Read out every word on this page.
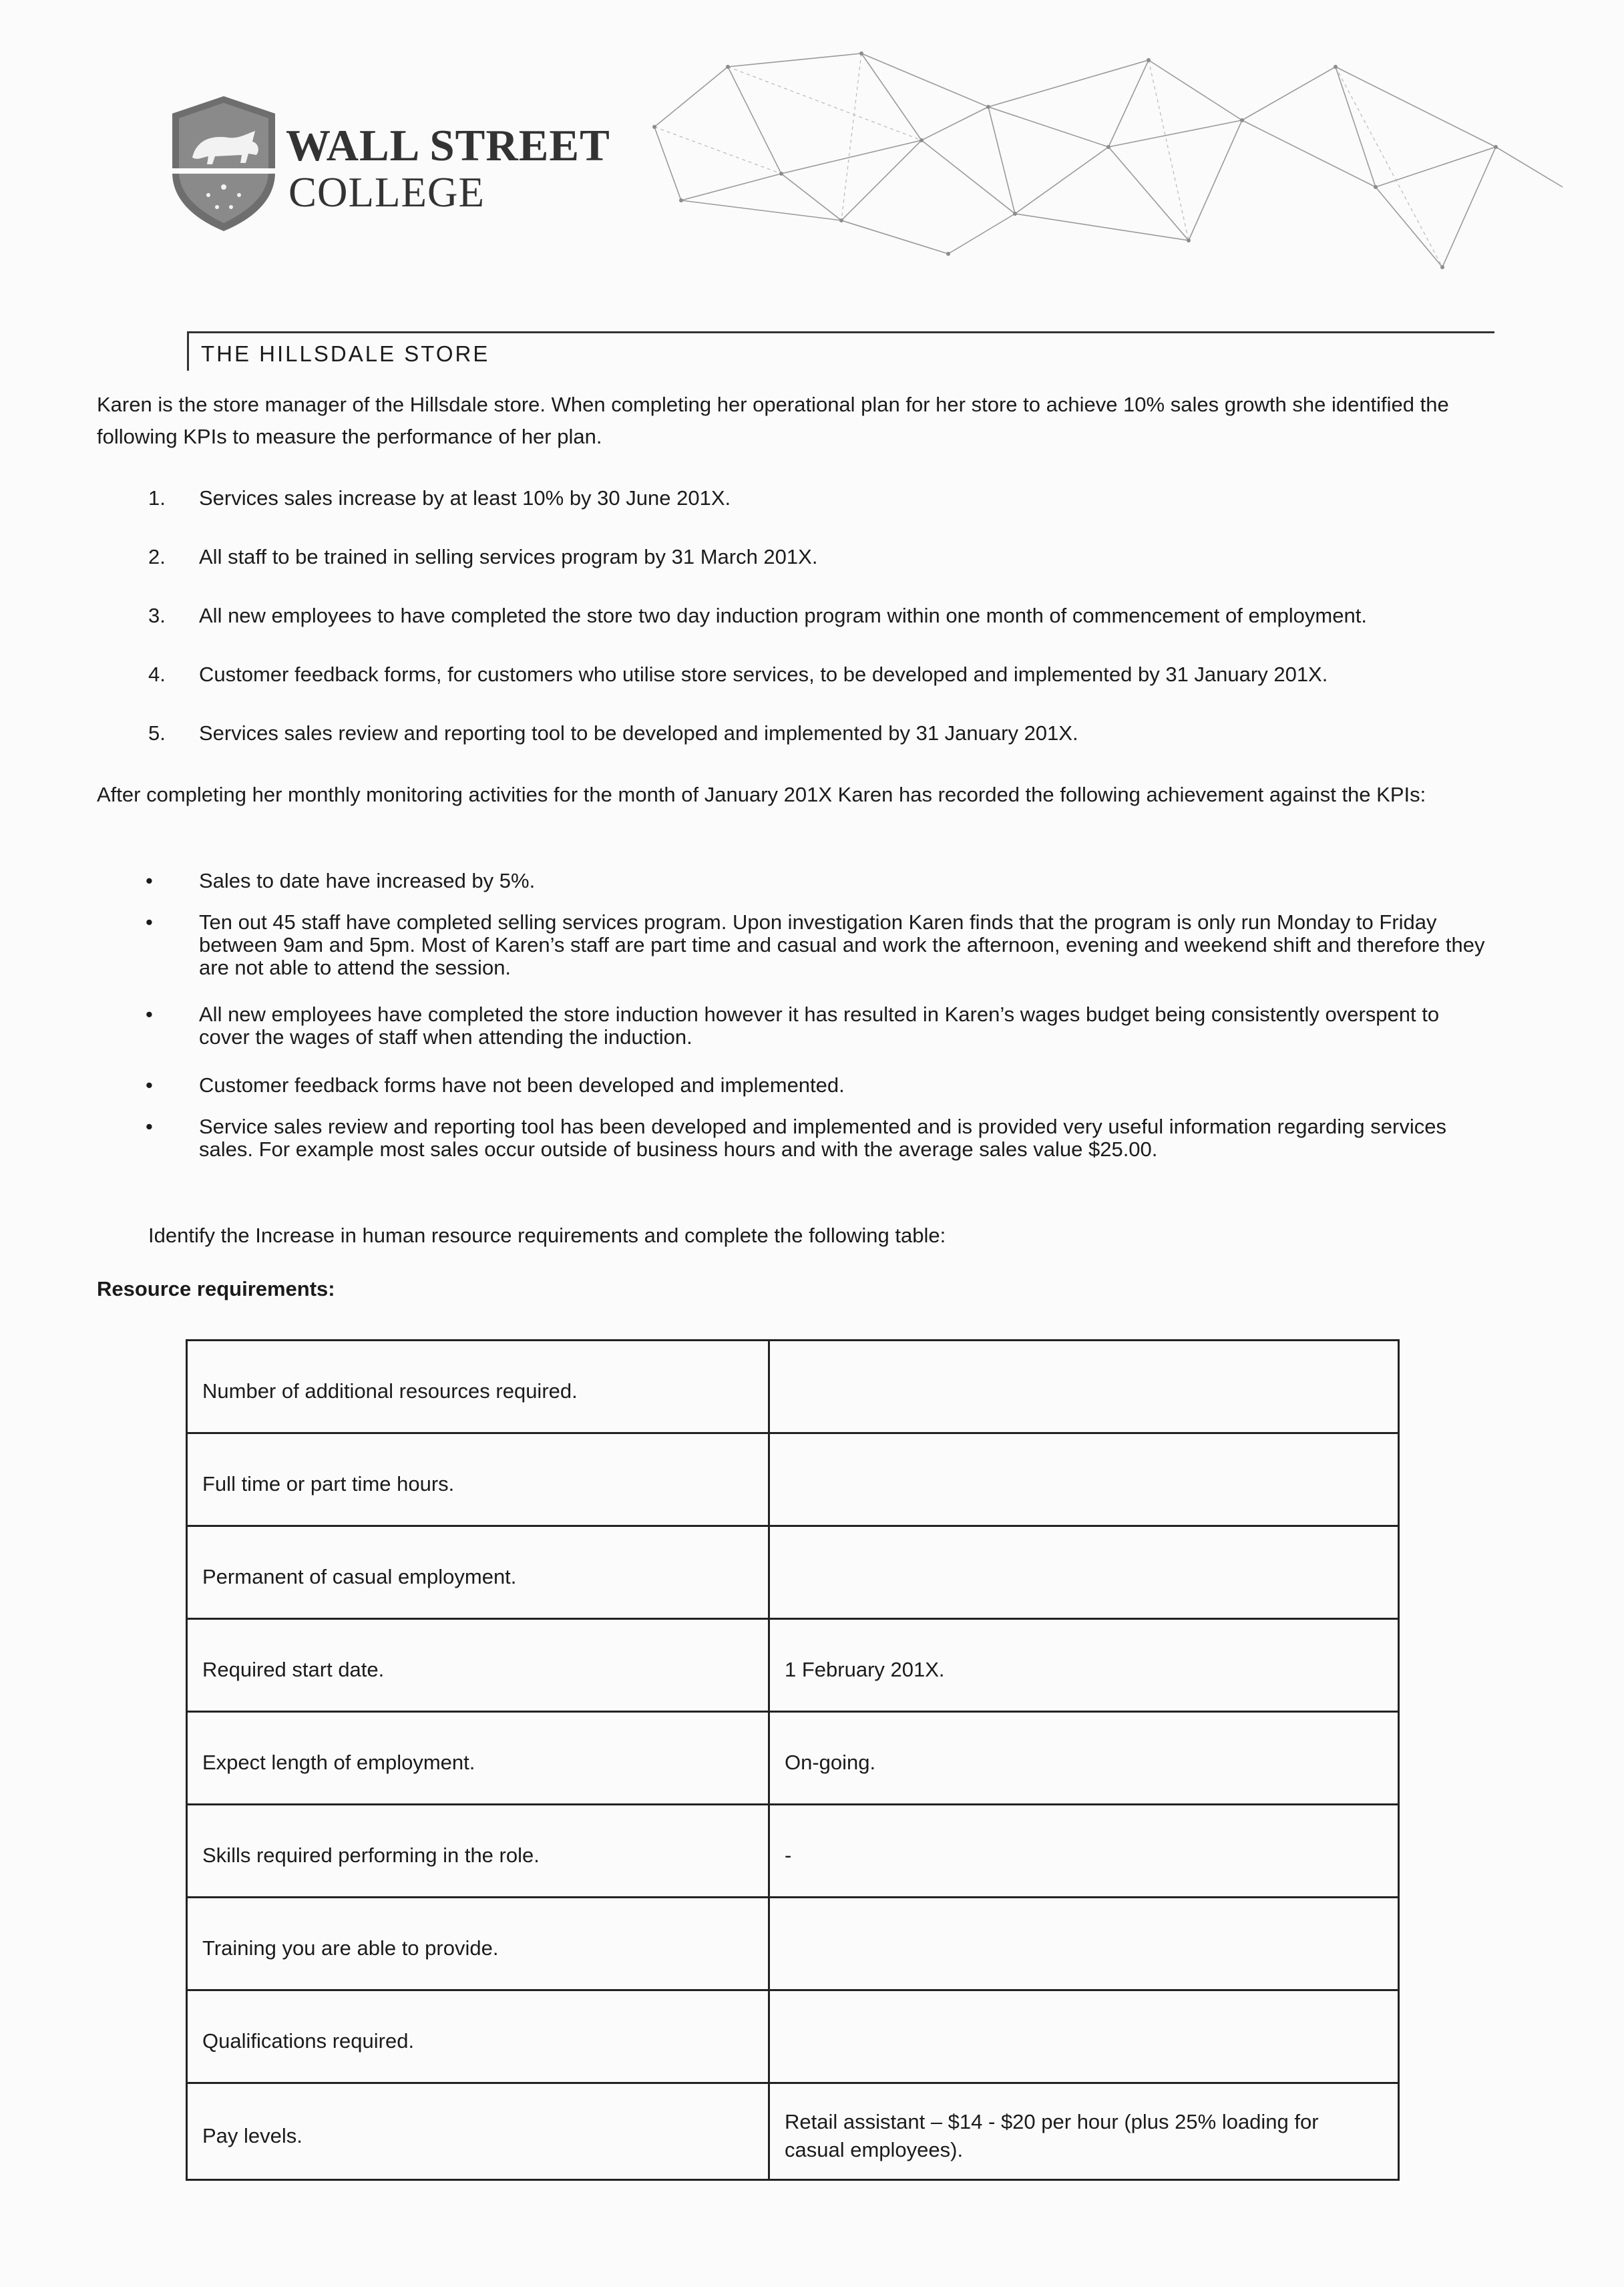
WALL STREET
COLLEGE
THE HILLSDALE STORE
Karen is the store manager of the Hillsdale store. When completing her operational plan for her store to achieve 10% sales growth she identified the following KPIs to measure the performance of her plan.
1. Services sales increase by at least 10% by 30 June 201X.
2. All staff to be trained in selling services program by 31 March 201X.
3. All new employees to have completed the store two day induction program within one month of commencement of employment.
4. Customer feedback forms, for customers who utilise store services, to be developed and implemented by 31 January 201X.
5. Services sales review and reporting tool to be developed and implemented by 31 January 201X.
After completing her monthly monitoring activities for the month of January 201X Karen has recorded the following achievement against the KPIs:
• Sales to date have increased by 5%.
• Ten out 45 staff have completed selling services program. Upon investigation Karen finds that the program is only run Monday to Friday between 9am and 5pm. Most of Karen’s staff are part time and casual and work the afternoon, evening and weekend shift and therefore they are not able to attend the session.
• All new employees have completed the store induction however it has resulted in Karen’s wages budget being consistently overspent to cover the wages of staff when attending the induction.
• Customer feedback forms have not been developed and implemented.
• Service sales review and reporting tool has been developed and implemented and is provided very useful information regarding services sales. For example most sales occur outside of business hours and with the average sales value $25.00.
Identify the Increase in human resource requirements and complete the following table:
Resource requirements:
Number of additional resources required.	
Full time or part time hours.	
Permanent of casual employment.	
Required start date.	1 February 201X.
Expect length of employment.	On-going.
Skills required performing in the role.	-
Training you are able to provide.	
Qualifications required.	
Pay levels.	Retail assistant – $14 - $20 per hour (plus 25% loading for casual employees).
